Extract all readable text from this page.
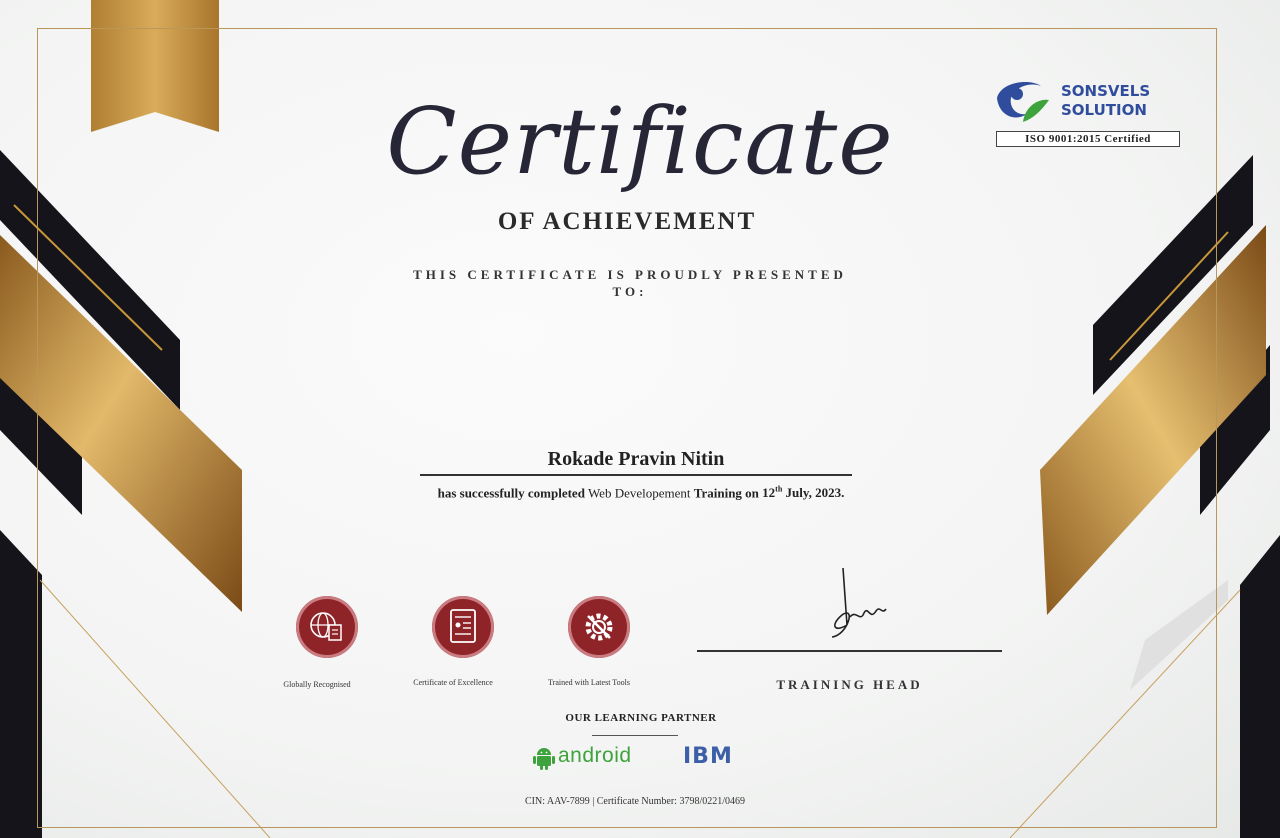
SONSVELS
SOLUTION
ISO 9001:2015 Certified
Certificate
OF ACHIEVEMENT
THIS CERTIFICATE IS PROUDLY PRESENTED TO:
Rokade Pravin Nitin
has successfully completed Web Developement Training on 12th July, 2023.
Globally Recognised	Certificate of Excellence	Trained with Latest Tools	TRAINING HEAD
OUR LEARNING PARTNER
android IBM
CIN: AAV-7899 | Certificate Number: 3798/0221/0469
